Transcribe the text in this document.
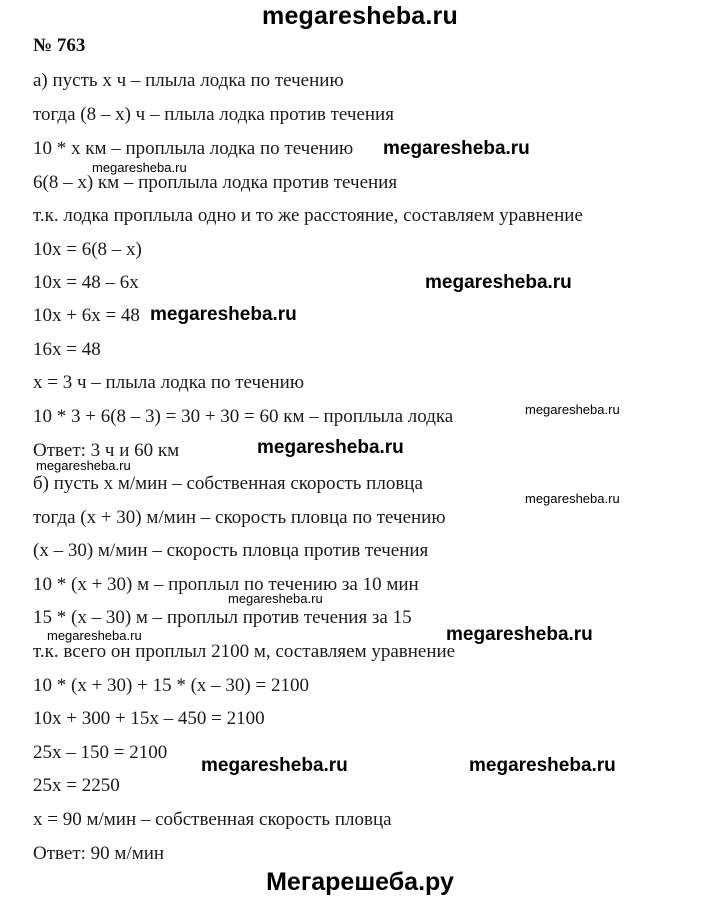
megaresheba.ru
№ 763
а) пусть х ч – плыла лодка по течению
тогда (8 – х) ч – плыла лодка против течения
10 * х км – проплыла лодка по течению
6(8 – х) км – проплыла лодка против течения
т.к. лодка проплыла одно и то же расстояние, составляем уравнение
10х = 6(8 – х)
10х = 48 – 6х
10х + 6х = 48
16х = 48
х = 3 ч – плыла лодка по течению
10 * 3 + 6(8 – 3) = 30 + 30 = 60 км – проплыла лодка
Ответ: 3 ч и 60 км
б) пусть х м/мин – собственная скорость пловца
тогда (х + 30) м/мин – скорость пловца по течению
(х – 30) м/мин – скорость пловца против течения
10 * (х + 30) м – проплыл по течению за 10 мин
15 * (х – 30) м – проплыл против течения за 15
т.к. всего он проплыл 2100 м, составляем уравнение
10 * (х + 30) + 15 * (х – 30) = 2100
10х + 300 + 15х – 450 = 2100
25х – 150 = 2100
25х = 2250
х = 90 м/мин – собственная скорость пловца
Ответ: 90 м/мин
megaresheba.ru
megaresheba.ru
megaresheba.ru
megaresheba.ru
megaresheba.ru
megaresheba.ru	megaresheba.ru
megaresheba.ru
megaresheba.ru
megaresheba.ru
megaresheba.ru
megaresheba.ru
megaresheba.ru
Мегарешеба.ру
